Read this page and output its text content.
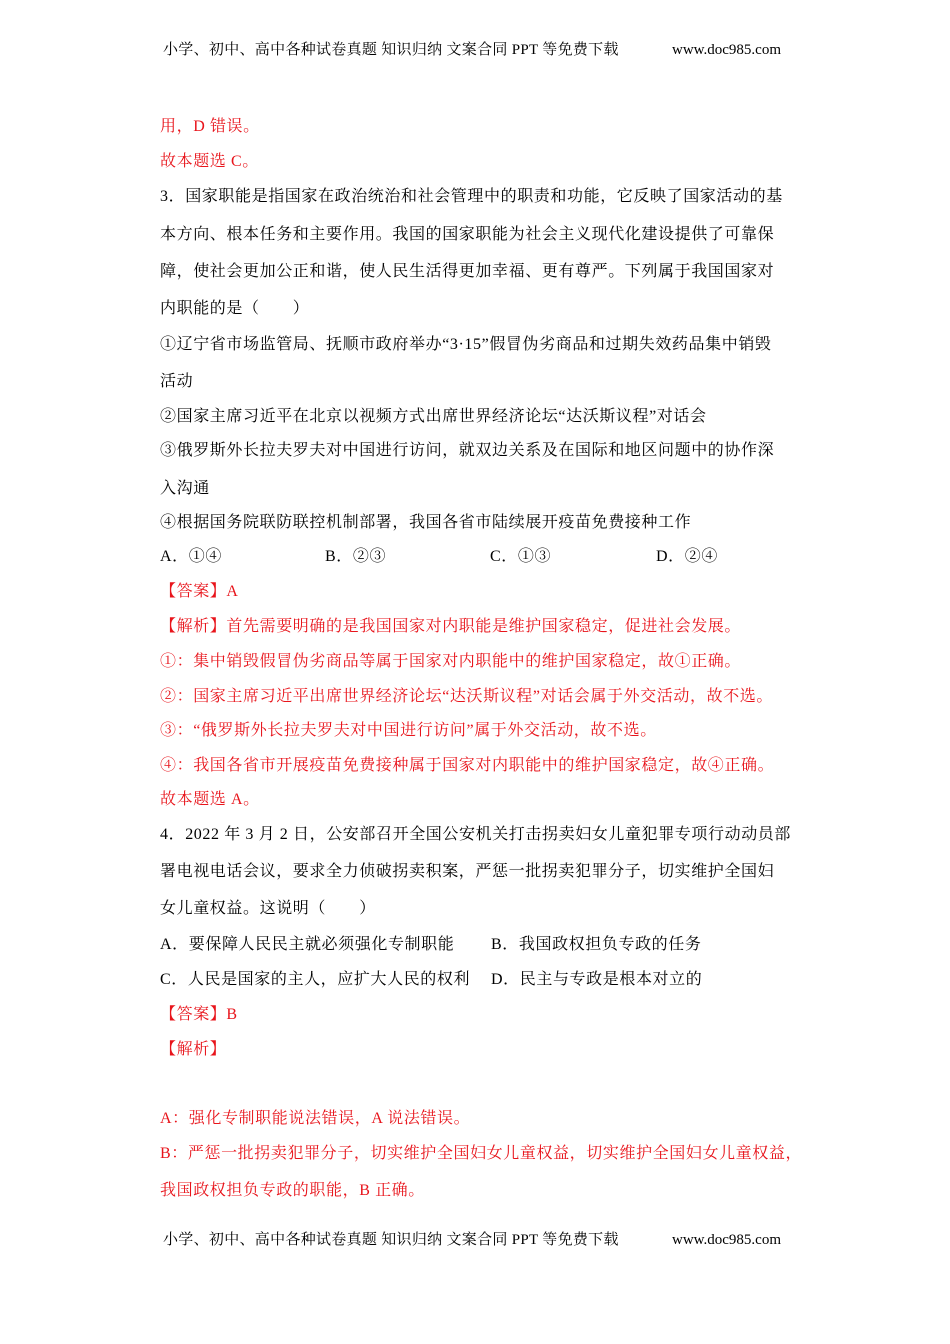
小学、初中、高中各种试卷真题 知识归纳 文案合同 PPT 等免费下载	www.doc985.com
用，D 错误。
故本题选 C。
3．国家职能是指国家在政治统治和社会管理中的职责和功能，它反映了国家活动的基
本方向、根本任务和主要作用。我国的国家职能为社会主义现代化建设提供了可靠保
障，使社会更加公正和谐，使人民生活得更加幸福、更有尊严。下列属于我国国家对
内职能的是（　　）
①辽宁省市场监管局、抚顺市政府举办“3·15”假冒伪劣商品和过期失效药品集中销毁
活动
②国家主席习近平在北京以视频方式出席世界经济论坛“达沃斯议程”对话会
③俄罗斯外长拉夫罗夫对中国进行访问，就双边关系及在国际和地区问题中的协作深
入沟通
④根据国务院联防联控机制部署，我国各省市陆续展开疫苗免费接种工作
A．①④	B．②③	C．①③	D．②④
【答案】A
【解析】首先需要明确的是我国国家对内职能是维护国家稳定，促进社会发展。
①：集中销毁假冒伪劣商品等属于国家对内职能中的维护国家稳定，故①正确。
②：国家主席习近平出席世界经济论坛“达沃斯议程”对话会属于外交活动，故不选。
③：“俄罗斯外长拉夫罗夫对中国进行访问”属于外交活动，故不选。
④：我国各省市开展疫苗免费接种属于国家对内职能中的维护国家稳定，故④正确。
故本题选 A。
4．2022 年 3 月 2 日，公安部召开全国公安机关打击拐卖妇女儿童犯罪专项行动动员部
署电视电话会议，要求全力侦破拐卖积案，严惩一批拐卖犯罪分子，切实维护全国妇
女儿童权益。这说明（　　）
A．要保障人民民主就必须强化专制职能 B．我国政权担负专政的任务
C．人民是国家的主人，应扩大人民的权利 D．民主与专政是根本对立的
【答案】B
【解析】
A：强化专制职能说法错误，A 说法错误。
B：严惩一批拐卖犯罪分子，切实维护全国妇女儿童权益，切实维护全国妇女儿童权益，
我国政权担负专政的职能，B 正确。
小学、初中、高中各种试卷真题 知识归纳 文案合同 PPT 等免费下载	www.doc985.com
